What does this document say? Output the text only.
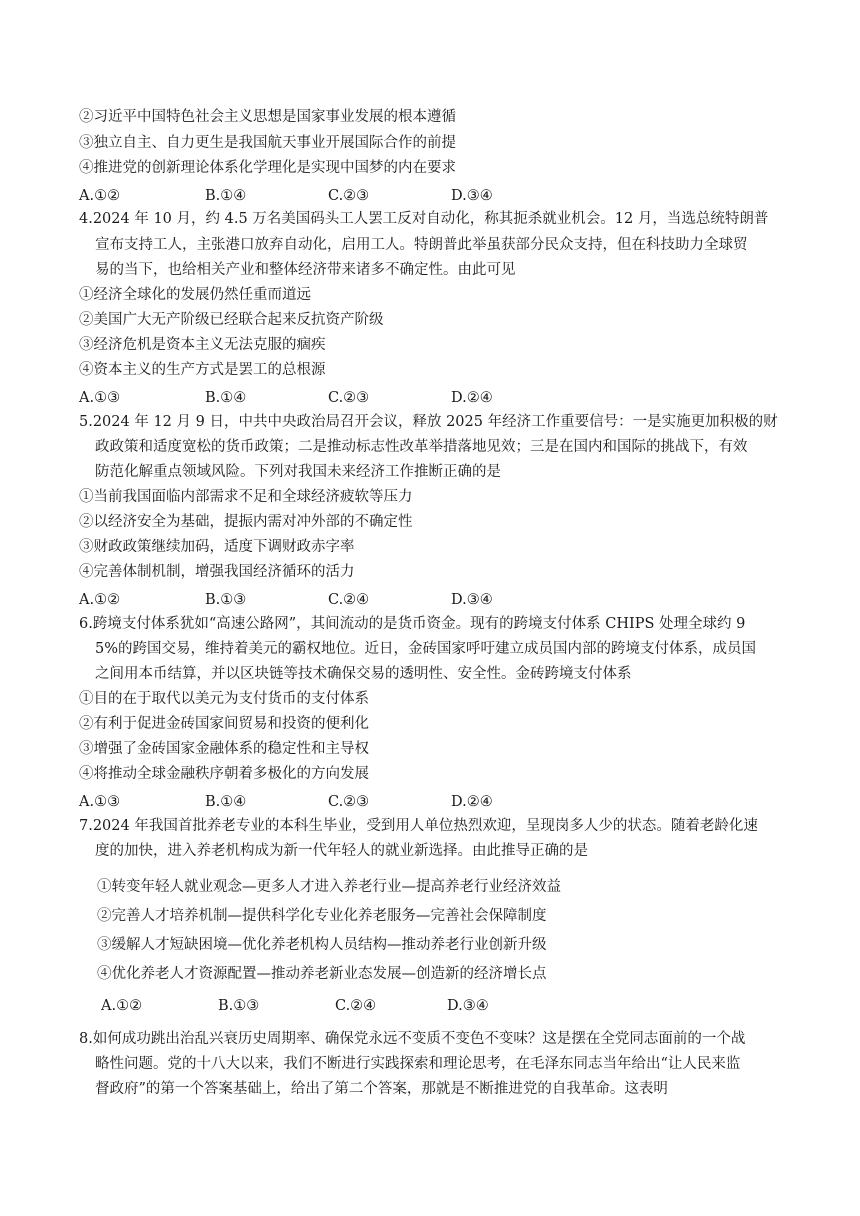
②习近平中国特色社会主义思想是国家事业发展的根本遵循
③独立自主、自力更生是我国航天事业开展国际合作的前提
④推进党的创新理论体系化学理化是实现中国梦的内在要求
A.①②	B.①④	C.②③	D.③④
4.2024 年 10 月，约 4.5 万名美国码头工人罢工反对自动化，称其扼杀就业机会。12 月，当选总统特朗普
宣布支持工人，主张港口放弃自动化，启用工人。特朗普此举虽获部分民众支持，但在科技助力全球贸
易的当下，也给相关产业和整体经济带来诸多不确定性。由此可见
①经济全球化的发展仍然任重而道远
②美国广大无产阶级已经联合起来反抗资产阶级
③经济危机是资本主义无法克服的痼疾
④资本主义的生产方式是罢工的总根源
A.①③	B.①④	C.②③	D.②④
5.2024 年 12 月 9 日，中共中央政治局召开会议，释放 2025 年经济工作重要信号：一是实施更加积极的财
政政策和适度宽松的货币政策；二是推动标志性改革举措落地见效；三是在国内和国际的挑战下，有效
防范化解重点领域风险。下列对我国未来经济工作推断正确的是
①当前我国面临内部需求不足和全球经济疲软等压力
②以经济安全为基础，提振内需对冲外部的不确定性
③财政政策继续加码，适度下调财政赤字率
④完善体制机制，增强我国经济循环的活力
A.①②	B.①③	C.②④	D.③④
6.跨境支付体系犹如“高速公路网”，其间流动的是货币资金。现有的跨境支付体系 CHIPS 处理全球约 9
5%的跨国交易，维持着美元的霸权地位。近日，金砖国家呼吁建立成员国内部的跨境支付体系，成员国
之间用本币结算，并以区块链等技术确保交易的透明性、安全性。金砖跨境支付体系
①目的在于取代以美元为支付货币的支付体系
②有利于促进金砖国家间贸易和投资的便利化
③增强了金砖国家金融体系的稳定性和主导权
④将推动全球金融秩序朝着多极化的方向发展
A.①③	B.①④	C.②③	D.②④
7.2024 年我国首批养老专业的本科生毕业，受到用人单位热烈欢迎，呈现岗多人少的状态。随着老龄化速
度的加快，进入养老机构成为新一代年轻人的就业新选择。由此推导正确的是
①转变年轻人就业观念—更多人才进入养老行业—提高养老行业经济效益
②完善人才培养机制—提供科学化专业化养老服务—完善社会保障制度
③缓解人才短缺困境—优化养老机构人员结构—推动养老行业创新升级
④优化养老人才资源配置—推动养老新业态发展—创造新的经济增长点
A.①②	B.①③	C.②④	D.③④
8.如何成功跳出治乱兴衰历史周期率、确保党永远不变质不变色不变味？这是摆在全党同志面前的一个战
略性问题。党的十八大以来，我们不断进行实践探索和理论思考，在毛泽东同志当年给出“让人民来监
督政府”的第一个答案基础上，给出了第二个答案，那就是不断推进党的自我革命。这表明
